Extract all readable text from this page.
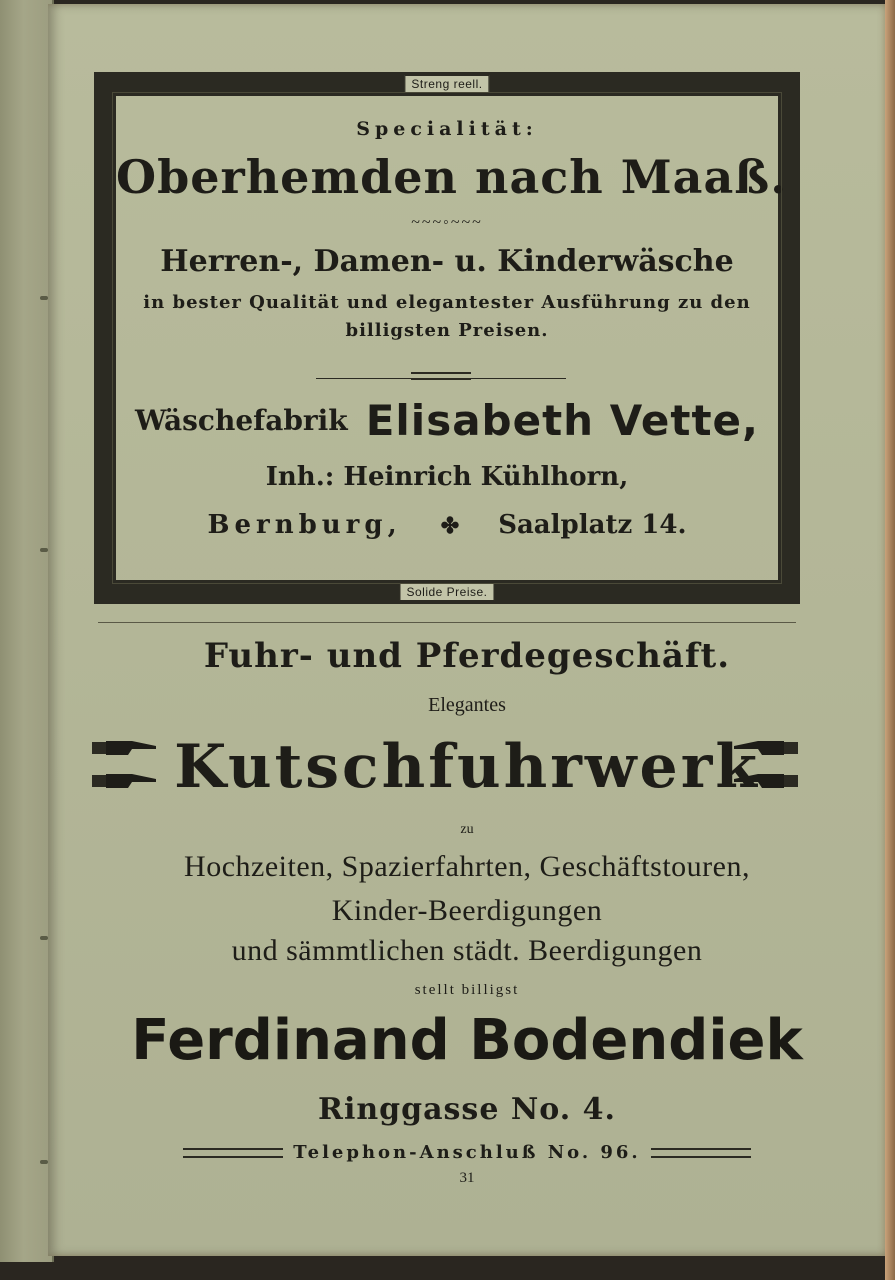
Streng reell.
Solide Preise.
Specialität:
Oberhemden nach Maaß.
~~~◦~~~
Herren-, Damen- u. Kinderwäsche
in bester Qualität und elegantester Ausführung zu den
billigsten Preisen.
Wäschefabrik Elisabeth Vette,
Inh.: Heinrich Kühlhorn,
Bernburg, ✤ Saalplatz 14.
Fuhr- und Pferdegeschäft.
Elegantes
Kutschfuhrwerk
zu
Hochzeiten, Spazierfahrten, Geschäftstouren,
Kinder-Beerdigungen
und sämmtlichen städt. Beerdigungen
stellt billigst
Ferdinand Bodendiek
Ringgasse No. 4.
Telephon-Anschluß No. 96.
31
